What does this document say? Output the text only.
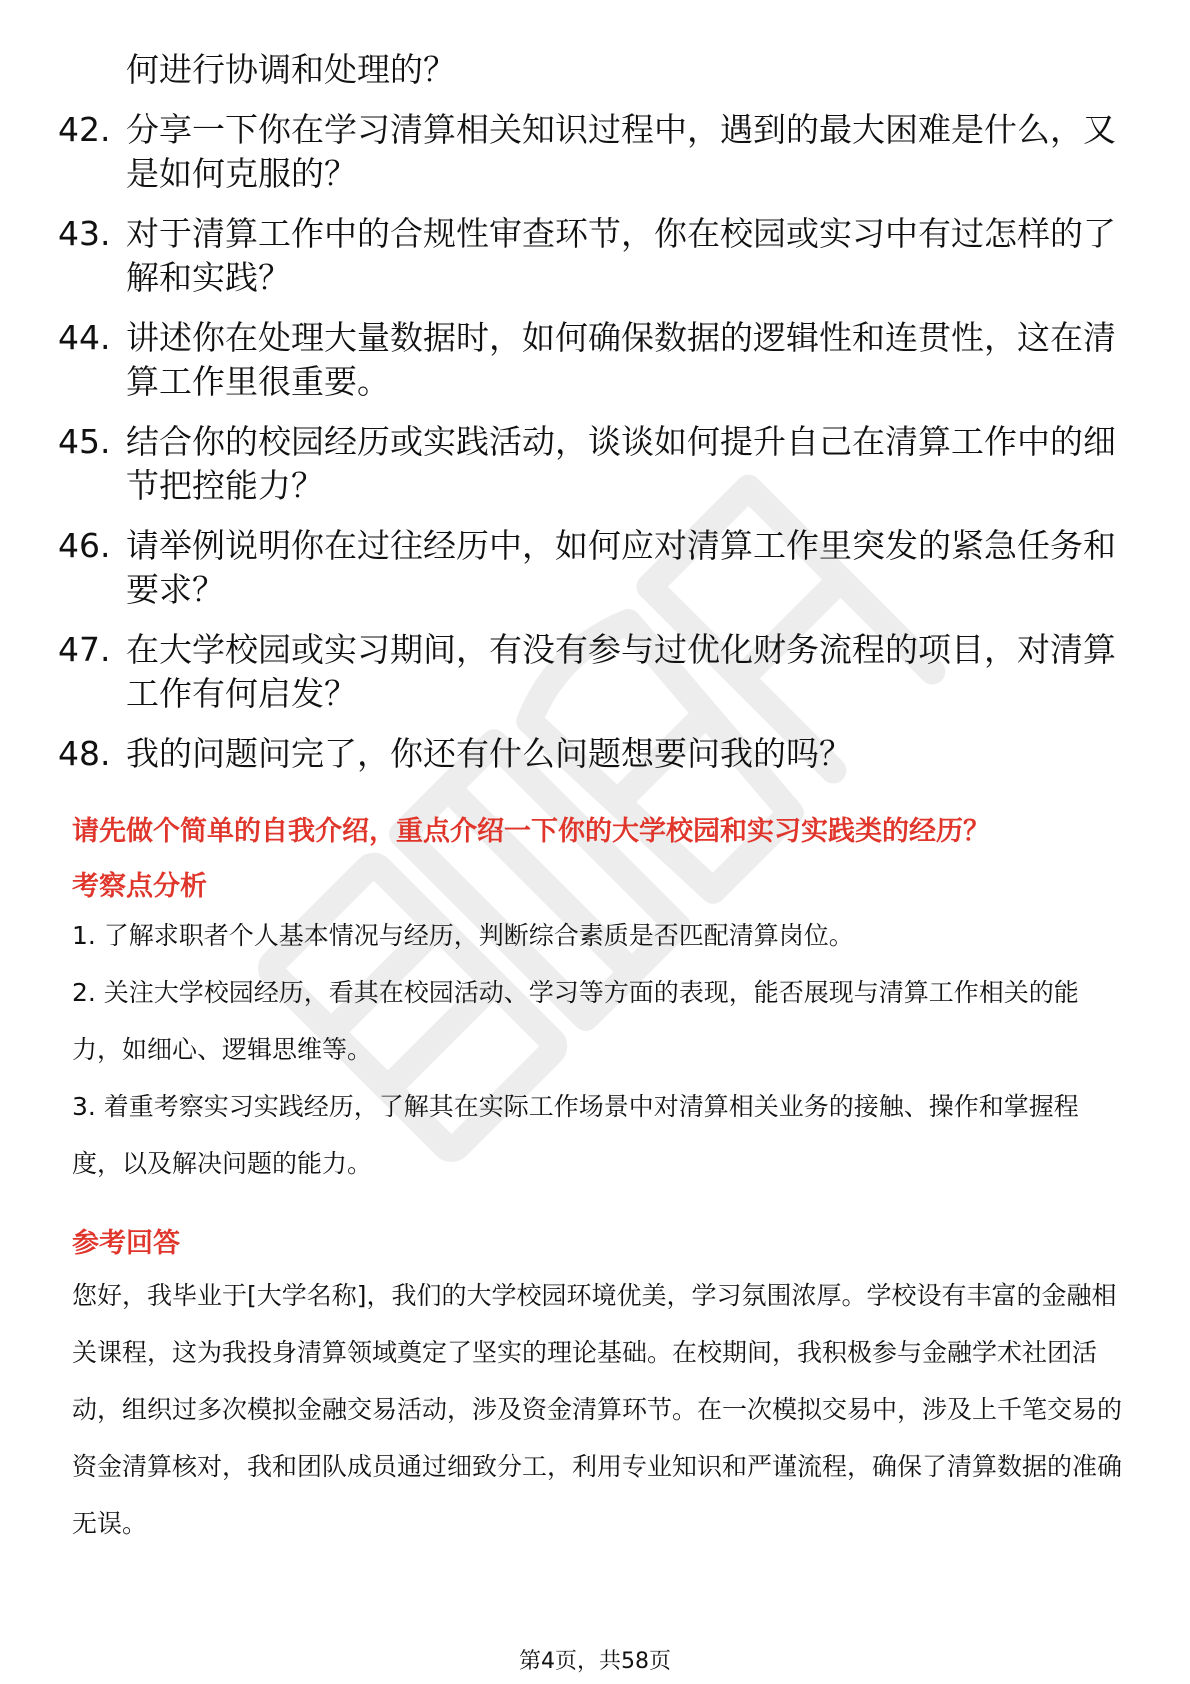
何进行协调和处理的？
42. 分享一下你在学习清算相关知识过程中，遇到的最大困难是什么，又是如何克服的？
43. 对于清算工作中的合规性审查环节，你在校园或实习中有过怎样的了解和实践？
44. 讲述你在处理大量数据时，如何确保数据的逻辑性和连贯性，这在清算工作里很重要。
45. 结合你的校园经历或实践活动，谈谈如何提升自己在清算工作中的细节把控能力？
46. 请举例说明你在过往经历中，如何应对清算工作里突发的紧急任务和要求？
47. 在大学校园或实习期间，有没有参与过优化财务流程的项目，对清算工作有何启发？
48. 我的问题问完了，你还有什么问题想要问我的吗？
请先做个简单的自我介绍，重点介绍一下你的大学校园和实习实践类的经历？
考察点分析
1. 了解求职者个人基本情况与经历，判断综合素质是否匹配清算岗位。
2. 关注大学校园经历，看其在校园活动、学习等方面的表现，能否展现与清算工作相关的能力，如细心、逻辑思维等。
3. 着重考察实习实践经历，了解其在实际工作场景中对清算相关业务的接触、操作和掌握程度，以及解决问题的能力。
参考回答
您好，我毕业于[大学名称]，我们的大学校园环境优美，学习氛围浓厚。学校设有丰富的金融相关课程，这为我投身清算领域奠定了坚实的理论基础。在校期间，我积极参与金融学术社团活动，组织过多次模拟金融交易活动，涉及资金清算环节。在一次模拟交易中，涉及上千笔交易的资金清算核对，我和团队成员通过细致分工，利用专业知识和严谨流程，确保了清算数据的准确无误。
第4页，共58页
